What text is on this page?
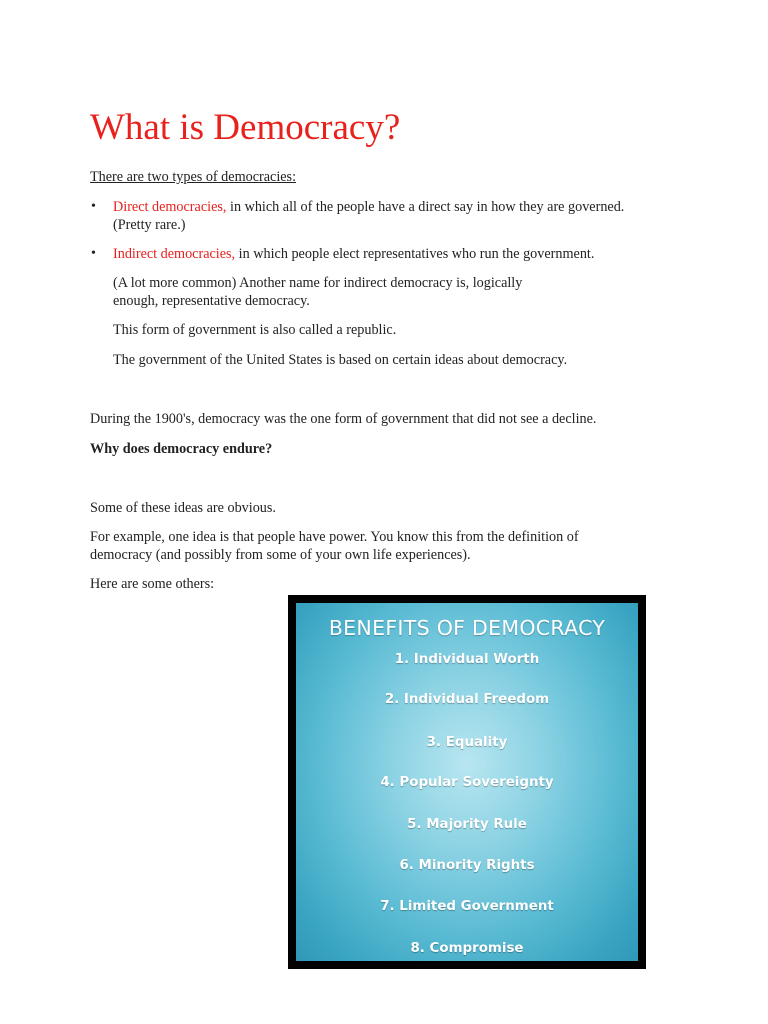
What is Democracy?

There are two types of democracies:

• Direct democracies, in which all of the people have a direct say in how they are governed.
(Pretty rare.)

• Indirect democracies, in which people elect representatives who run the government.

(A lot more common) Another name for indirect democracy is, logically
enough, representative democracy.

This form of government is also called a republic.

The government of the United States is based on certain ideas about democracy.

During the 1900's, democracy was the one form of government that did not see a decline.

Why does democracy endure?

Some of these ideas are obvious.

For example, one idea is that people have power. You know this from the definition of
democracy (and possibly from some of your own life experiences).

Here are some others:

BENEFITS OF DEMOCRACY
1. Individual Worth
2. Individual Freedom
3. Equality
4. Popular Sovereignty
5. Majority Rule
6. Minority Rights
7. Limited Government
8. Compromise
